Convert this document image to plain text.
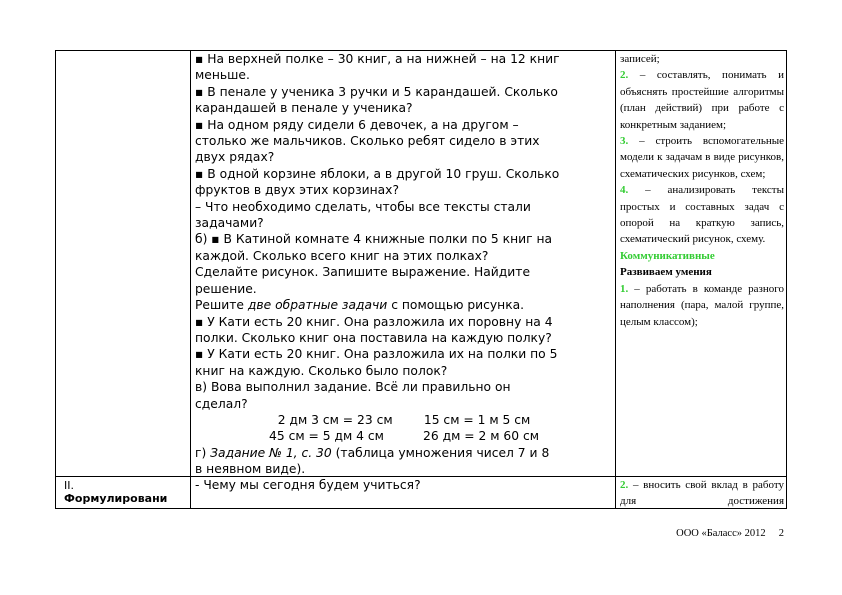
▪ На верхней полке – 30 книг, а на нижней – на 12 книг

меньше.

▪ В пенале у ученика 3 ручки и 5 карандашей. Сколько

карандашей в пенале у ученика?

▪ На одном ряду сидели 6 девочек, а на другом –

столько же мальчиков. Сколько ребят сидело в этих

двух рядах?

▪ В одной корзине яблоки, а в другой 10 груш. Сколько

фруктов в двух этих корзинах?

– Что необходимо сделать, чтобы все тексты стали

задачами?

б) ▪ В Катиной комнате 4 книжные полки по 5 книг на

каждой. Сколько всего книг на этих полках?

Сделайте рисунок. Запишите выражение. Найдите

решение.

Решите две обратные задачи с помощью рисунка.

▪ У Кати есть 20 книг. Она разложила их поровну на 4

полки. Сколько книг она поставила на каждую полку?

▪ У Кати есть 20 книг. Она разложила их на полки по 5

книг на каждую. Сколько было полок?

в) Вова выполнил задание. Всё ли правильно он

сделал?

2 дм 3 см = 23 см        15 см = 1 м 5 см

45 см = 5 дм 4 см          26 дм = 2 м 60 см

г) Задание № 1, с. 30 (таблица умножения чисел 7 и 8

в неявном виде).

записей;

2. – составлять, понимать и объяснять простейшие алгоритмы (план действий) при работе с конкретным заданием;

3. – строить вспомогательные модели к задачам в виде рисунков, схематических рисунков, схем;

4. – анализировать тексты простых и составных задач с опорой на краткую запись, схематический рисунок, схему.

Коммуникативные

Развиваем умения

1. – работать в команде разного наполнения (пара, малой группе, целым классом);

II.
Формулировани

- Чему мы сегодня будем учиться?	2. – вносить свой вклад в работу для достижения

ООО «Баласс» 2012     2
